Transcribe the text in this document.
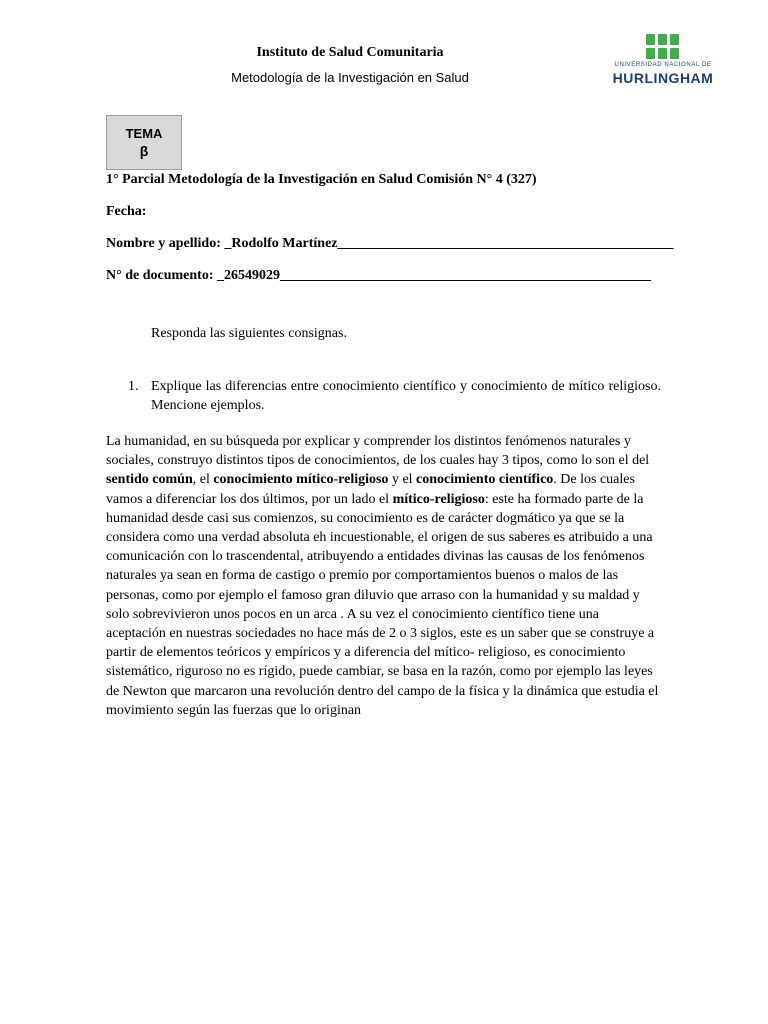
Instituto de Salud Comunitaria
Metodología de la Investigación en Salud
UNIVERSIDAD NACIONAL DE
HURLINGHAM
TEMA
β
1° Parcial Metodología de la Investigación en Salud Comisión N° 4 (327)
Fecha:
Nombre y apellido: _Rodolfo Martínez________________________________________________
N° de documento: _26549029_____________________________________________________
Responda las siguientes consignas.
1. Explique las diferencias entre conocimiento científico y conocimiento de mítico religioso. Mencione ejemplos.
La humanidad, en su búsqueda por explicar y comprender los distintos fenómenos naturales y sociales, construyo distintos tipos de conocimientos, de los cuales hay 3 tipos, como lo son el del sentido común, el conocimiento mítico-religioso y el conocimiento científico. De los cuales vamos a diferenciar los dos últimos, por un lado el mítico-religioso: este ha formado parte de la humanidad desde casi sus comienzos, su conocimiento es de carácter dogmático ya que se la considera como una verdad absoluta eh incuestionable, el origen de sus saberes es atribuido a una comunicación con lo trascendental, atribuyendo a entidades divinas las causas de los fenómenos naturales ya sean en forma de castigo o premio por comportamientos buenos o malos de las personas, como por ejemplo el famoso gran diluvio que arraso con la humanidad y su maldad y solo sobrevivieron unos pocos en un arca . A su vez el conocimiento científico tiene una aceptación en nuestras sociedades no hace más de 2 o 3 siglos, este es un saber que se construye a partir de elementos teóricos y empíricos y a diferencia del mítico- religioso, es conocimiento sistemático, riguroso no es rígido, puede cambiar, se basa en la razón, como por ejemplo las leyes de Newton que marcaron una revolución dentro del campo de la física y la dinámica que estudia el movimiento según las fuerzas que lo originan
